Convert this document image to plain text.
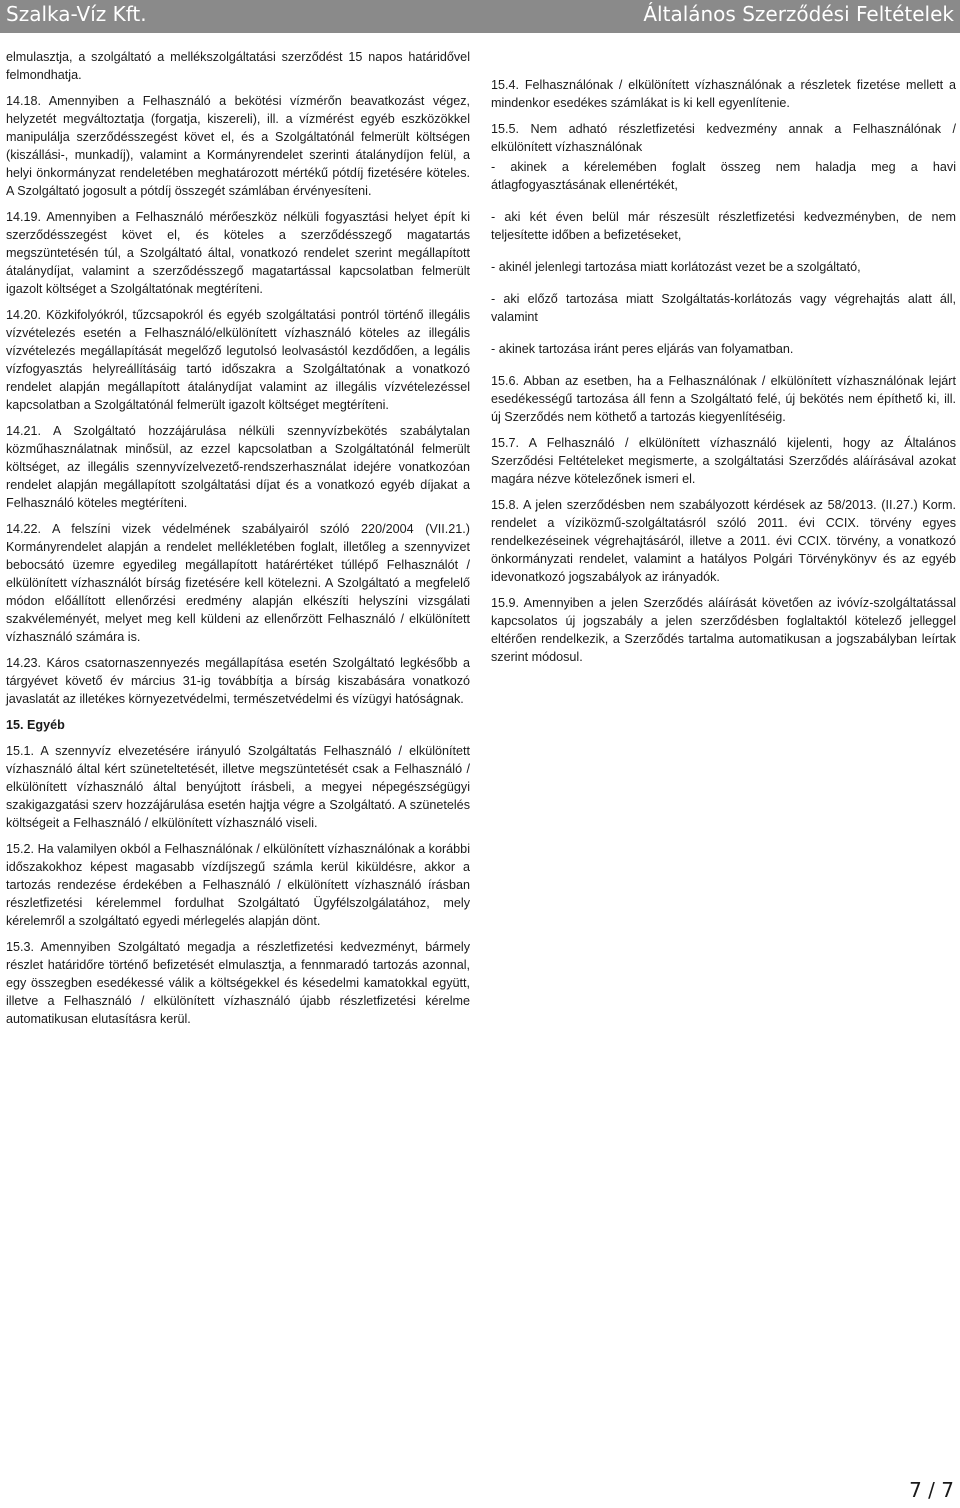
Szalka-Víz Kft.	Általános Szerződési Feltételek

elmulasztja, a szolgáltató a mellékszolgáltatási szerződést 15 napos határidővel felmondhatja.

14.18. Amennyiben a Felhasználó a bekötési vízmérőn beavatkozást végez, helyzetét megváltoztatja (forgatja, kiszereli), ill. a vízmérést egyéb eszközökkel manipulálja szerződésszegést követ el, és a Szolgáltatónál felmerült költségen (kiszállási-, munkadíj), valamint a Kormányrendelet szerinti átalánydíjon felül, a helyi önkormányzat rendeletében meghatározott mértékű pótdíj fizetésére köteles. A Szolgáltató jogosult a pótdíj összegét számlában érvényesíteni.

14.19. Amennyiben a Felhasználó mérőeszköz nélküli fogyasztási helyet épít ki szerződésszegést követ el, és köteles a szerződésszegő magatartás megszüntetésén túl, a Szolgáltató által, vonatkozó rendelet szerint megállapított átalánydíjat, valamint a szerződésszegő magatartással kapcsolatban felmerült igazolt költséget a Szolgáltatónak megtéríteni.

14.20. Közkifolyókról, tűzcsapokról és egyéb szolgáltatási pontról történő illegális vízvételezés esetén a Felhasználó/elkülönített vízhasználó köteles az illegális vízvételezés megállapítását megelőző legutolsó leolvasástól kezdődően, a legális vízfogyasztás helyreállításáig tartó időszakra a Szolgáltatónak a vonatkozó rendelet alapján megállapított átalánydíjat valamint az illegális vízvételezéssel kapcsolatban a Szolgáltatónál felmerült igazolt költséget megtéríteni.

14.21. A Szolgáltató hozzájárulása nélküli szennyvízbekötés szabálytalan közműhasználatnak minősül, az ezzel kapcsolatban a Szolgáltatónál felmerült költséget, az illegális szennyvízelvezető-rendszerhasználat idejére vonatkozóan rendelet alapján megállapított szolgáltatási díjat és a vonatkozó egyéb díjakat a Felhasználó köteles megtéríteni.

14.22. A felszíni vizek védelmének szabályairól szóló 220/2004 (VII.21.) Kormányrendelet alapján a rendelet mellékletében foglalt, illetőleg a szennyvizet bebocsátó üzemre egyedileg megállapított határértéket túllépő Felhasználót / elkülönített vízhasználót bírság fizetésére kell kötelezni. A Szolgáltató a megfelelő módon előállított ellenőrzési eredmény alapján elkészíti helyszíni vizsgálati szakvéleményét, melyet meg kell küldeni az ellenőrzött Felhasználó / elkülönített vízhasználó számára is.

14.23. Káros csatornaszennyezés megállapítása esetén Szolgáltató legkésőbb a tárgyévet követő év március 31-ig továbbítja a bírság kiszabására vonatkozó javaslatát az illetékes környezetvédelmi, természetvédelmi és vízügyi hatóságnak.

15. Egyéb

15.1. A szennyvíz elvezetésére irányuló Szolgáltatás Felhasználó / elkülönített vízhasználó által kért szüneteltetését, illetve megszüntetését csak a Felhasználó / elkülönített vízhasználó által benyújtott írásbeli, a megyei népegészségügyi szakigazgatási szerv hozzájárulása esetén hajtja végre a Szolgáltató. A szünetelés költségeit a Felhasználó / elkülönített vízhasználó viseli.

15.2. Ha valamilyen okból a Felhasználónak / elkülönített vízhasználónak a korábbi időszakokhoz képest magasabb vízdíjszegű számla kerül kiküldésre, akkor a tartozás rendezése érdekében a Felhasználó / elkülönített vízhasználó írásban részletfizetési kérelemmel fordulhat Szolgáltató Ügyfélszolgálatához, mely kérelemről a szolgáltató egyedi mérlegelés alapján dönt.

15.3. Amennyiben Szolgáltató megadja a részletfizetési kedvezményt, bármely részlet határidőre történő befizetését elmulasztja, a fennmaradó tartozás azonnal, egy összegben esedékessé válik a költségekkel és késedelmi kamatokkal együtt, illetve a Felhasználó / elkülönített vízhasználó újabb részletfizetési kérelme automatikusan elutasításra kerül.

15.4. Felhasználónak / elkülönített vízhasználónak a részletek fizetése mellett a mindenkor esedékes számlákat is ki kell egyenlítenie.

15.5. Nem adható részletfizetési kedvezmény annak a Felhasználónak / elkülönített vízhasználónak

- akinek a kérelemében foglalt összeg nem haladja meg a havi átlagfogyasztásának ellenértékét,

- aki két éven belül már részesült részletfizetési kedvezményben, de nem teljesítette időben a befizetéseket,

- akinél jelenlegi tartozása miatt korlátozást vezet be a szolgáltató,

- aki előző tartozása miatt Szolgáltatás-korlátozás vagy végrehajtás alatt áll, valamint

- akinek tartozása iránt peres eljárás van folyamatban.

15.6. Abban az esetben, ha a Felhasználónak / elkülönített vízhasználónak lejárt esedékességű tartozása áll fenn a Szolgáltató felé, új bekötés nem építhető ki, ill. új Szerződés nem köthető a tartozás kiegyenlítéséig.

15.7. A Felhasználó / elkülönített vízhasználó kijelenti, hogy az Általános Szerződési Feltételeket megismerte, a szolgáltatási Szerződés aláírásával azokat magára nézve kötelezőnek ismeri el.

15.8. A jelen szerződésben nem szabályozott kérdések az 58/2013. (II.27.) Korm. rendelet a víziközmű-szolgáltatásról szóló 2011. évi CCIX. törvény egyes rendelkezéseinek végrehajtásáról, illetve a 2011. évi CCIX. törvény, a vonatkozó önkormányzati rendelet, valamint a hatályos Polgári Törvénykönyv és az egyéb idevonatkozó jogszabályok az irányadók.

15.9. Amennyiben a jelen Szerződés aláírását követően az ivóvíz-szolgáltatással kapcsolatos új jogszabály a jelen szerződésben foglaltaktól kötelező jelleggel eltérően rendelkezik, a Szerződés tartalma automatikusan a jogszabályban leírtak szerint módosul.

7 / 7
